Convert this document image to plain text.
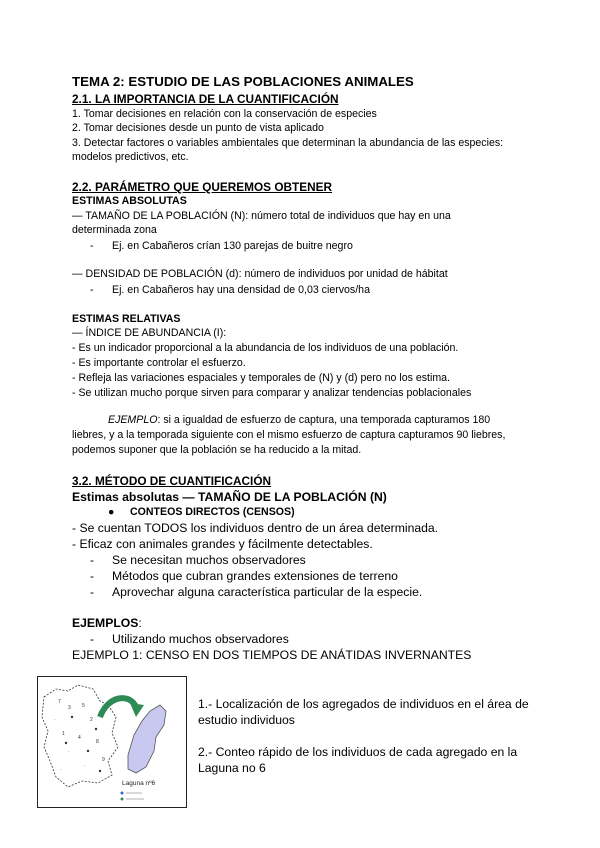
TEMA 2: ESTUDIO DE LAS POBLACIONES ANIMALES
2.1. LA IMPORTANCIA DE LA CUANTIFICACIÓN
1. Tomar decisiones en relación con la conservación de especies
2. Tomar decisiones desde un punto de vista aplicado
3. Detectar factores o variables ambientales que determinan la abundancia de las especies:
modelos predictivos, etc.
2.2. PARÁMETRO QUE QUEREMOS OBTENER
ESTIMAS ABSOLUTAS
— TAMAÑO DE LA POBLACIÓN (N): número total de individuos que hay en una
determinada zona
- Ej. en Cabañeros crían 130 parejas de buitre negro
— DENSIDAD DE POBLACIÓN (d): número de individuos por unidad de hábitat
- Ej. en Cabañeros hay una densidad de 0,03 ciervos/ha
ESTIMAS RELATIVAS
— ÍNDICE DE ABUNDANCIA (I):
- Es un indicador proporcional a la abundancia de los individuos de una población.
- Es importante controlar el esfuerzo.
- Refleja las variaciones espaciales y temporales de (N) y (d) pero no los estima.
- Se utilizan mucho porque sirven para comparar y analizar tendencias poblacionales
EJEMPLO: si a igualdad de esfuerzo de captura, una temporada capturamos 180
liebres, y a la temporada siguiente con el mismo esfuerzo de captura capturamos 90 liebres,
podemos suponer que la población se ha reducido a la mitad.
3.2. MÉTODO DE CUANTIFICACIÓN
Estimas absolutas — TAMAÑO DE LA POBLACIÓN (N)
● CONTEOS DIRECTOS (CENSOS)
- Se cuentan TODOS los individuos dentro de un área determinada.
- Eficaz con animales grandes y fácilmente detectables.
- Se necesitan muchos observadores
- Métodos que cubran grandes extensiones de terreno
- Aprovechar alguna característica particular de la especie.
EJEMPLOS:
- Utilizando muchos observadores
EJEMPLO 1: CENSO EN DOS TIEMPOS DE ANÁTIDAS INVERNANTES
7
3 5
·	2
1
4
8
·
9
·
·
Laguna nº6
1.- Localización de los agregados de individuos en el área de estudio individuos
2.- Conteo rápido de los individuos de cada agregado en la Laguna no 6
